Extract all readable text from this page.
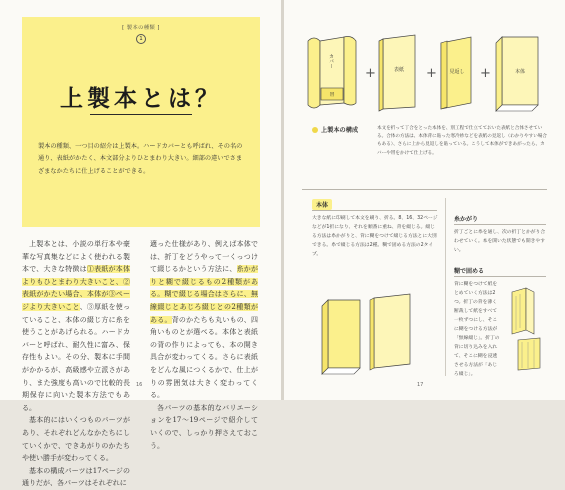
[ 製本の種類 ]
1
上製本とは？
製本の種類、一つ目の紹介は上製本。ハードカバーとも呼ばれ、その名の通り、表紙がかたく、本文部分よりひとまわり大きい。細部の違いでさまざまなかたちに仕上げることができる。

上製本とは、小説の単行本や豪華な写真集などによく使われる製本で、大きな特徴は①表紙が本体よりもひとまわり大きいこと、②表紙がかたい場合、本体が③ページより大きいこと、③厚紙を使っていること、本体の綴じ方に糸を使うことがあげられる。ハードカバーと呼ばれ、耐久性に富み、保存性もよい。その分、製本に手間がかかるが、高級感や立派さがあり、また強度も高いので比較的長期保存に向いた製本方法でもある。

基本的にはいくつものパーツがあり、それぞれどんなかたちにしていくかで、できあがりのかたちや使い勝手が変わってくる。

基本の構成パーツは17ページの通りだが、各パーツはそれぞれに

適った仕様があり、例えば本体では、折丁をどうやって一くっつけて綴じるかという方法に、糸かがりと糊で綴じるもの2種類がある。糊で綴じる場合はさらに、無線綴じとあじろ綴じとの2種類がある。背のかたちも丸いもの、四角いものとが選べる。本体と表紙の背の作りによっても、本の開き具合が変わってくる。さらに表紙をどんな風につくるかで、仕上がりの雰囲気は大きく変わってくる。

各パーツの基本的なバリエーションを17〜19ページで紹介していくので、しっかり押さえておこう。

16
カバー
帯
+	表紙 +	見返し +	本体
上製本の構成	本文を折って丁合をとった本体を、別工程で仕立てておいた表紙と合体させている。合体の方法は、本体背に貼った寒冷紗などを表紙の見返し（わかりやすい場合もある）、さらに上から見返しを貼っている。こうして本体ができあがったら、カバーや帯をかけて仕上げる。
本体
大きな紙に印刷して本文を刷り、折る。8、16、32ページなどが1折になり、それを順番に重ね、背を綴じる。綴じる方法は糸かがりと、背に糊をつけて綴じる方法とに大別できる。糸で綴じる方法は2種。糊で固める方法の2タイプ。
糸かがり
折丁ごとに糸を通し、次の折丁とかがり合わせていく。本を開いた状態でも開きやすい。
糊で固める
背に糊をつけて紙をとめていく方法は2つ。折丁の背を薄く断裁して紙をすべて一枚ずつにし、そこに糊をつける方法が「無線綴じ」。折丁の背に切り込みを入れて、そこに糊を浸透させる方法が「あじろ綴じ」。
17
